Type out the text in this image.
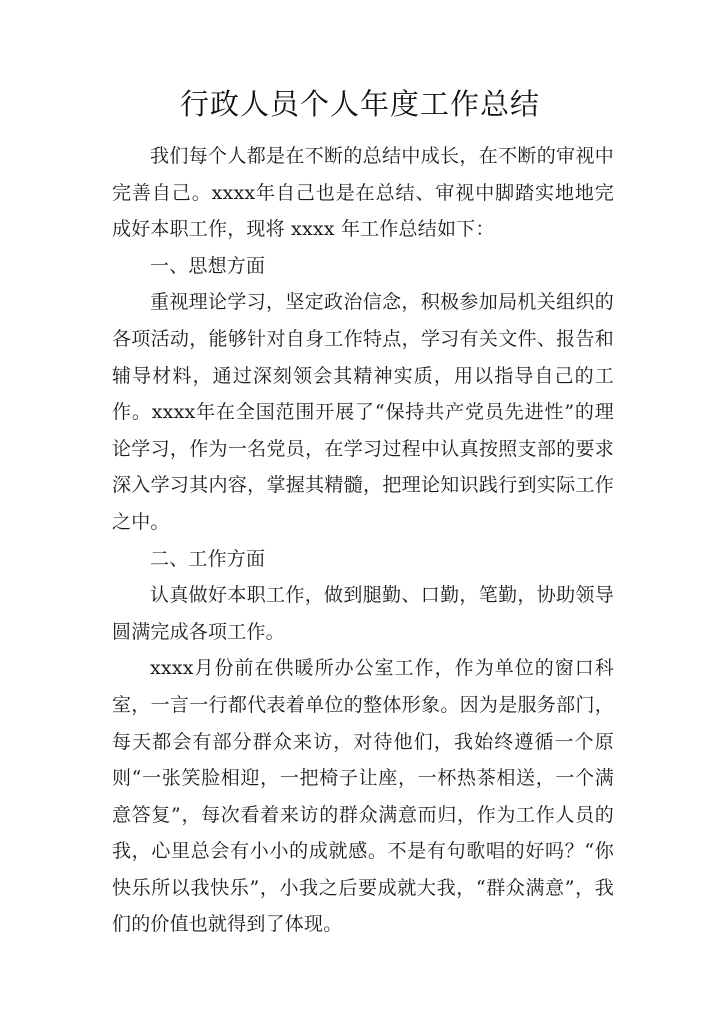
行政人员个人年度工作总结

我们每个人都是在不断的总结中成长，在不断的审视中完善自己。xxxx年自己也是在总结、审视中脚踏实地地完成好本职工作，现将 xxxx 年工作总结如下：

一、思想方面

重视理论学习，坚定政治信念，积极参加局机关组织的各项活动，能够针对自身工作特点，学习有关文件、报告和辅导材料，通过深刻领会其精神实质，用以指导自己的工作。xxxx年在全国范围开展了“保持共产党员先进性”的理论学习，作为一名党员，在学习过程中认真按照支部的要求深入学习其内容，掌握其精髓，把理论知识践行到实际工作之中。

二、工作方面

认真做好本职工作，做到腿勤、口勤，笔勤，协助领导圆满完成各项工作。

xxxx月份前在供暖所办公室工作，作为单位的窗口科室，一言一行都代表着单位的整体形象。因为是服务部门，每天都会有部分群众来访，对待他们，我始终遵循一个原则“一张笑脸相迎，一把椅子让座，一杯热茶相送，一个满意答复”，每次看着来访的群众满意而归，作为工作人员的我，心里总会有小小的成就感。不是有句歌唱的好吗？“你快乐所以我快乐”，小我之后要成就大我，“群众满意”，我们的价值也就得到了体现。
